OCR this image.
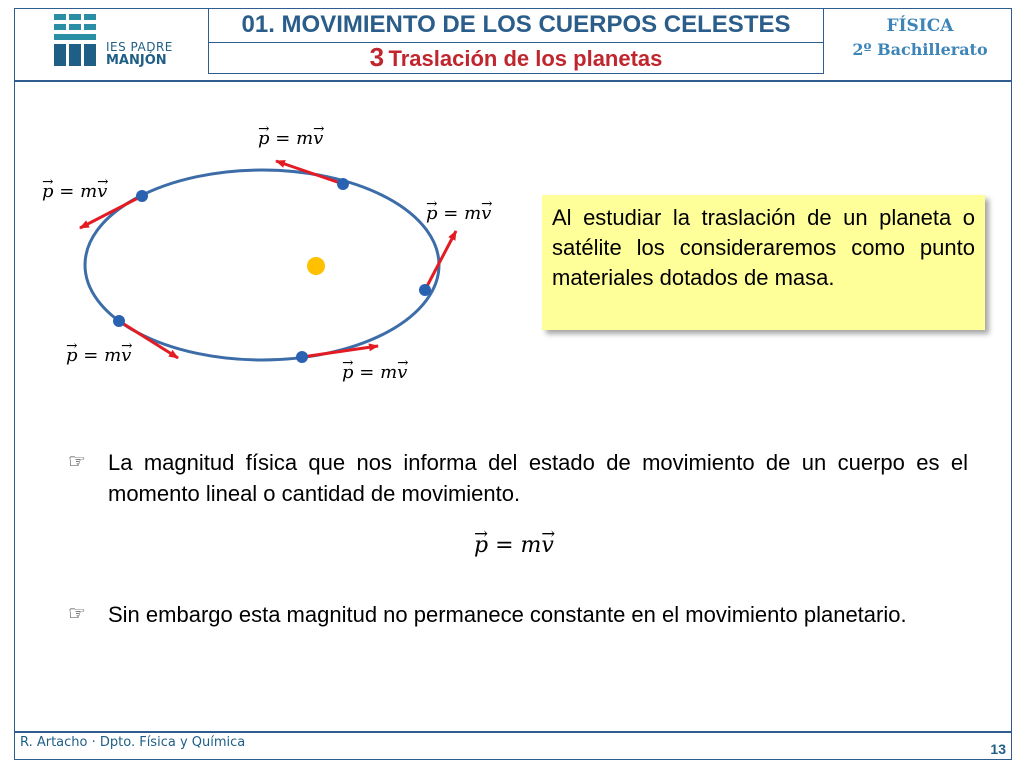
IES PADRE
MANJÓN
01. MOVIMIENTO DE LOS CUERPOS CELESTES
3 Traslación de los planetas
FÍSICA
2º Bachillerato
→ p = m→ v
→ p = m→ v
→ p = m→ v
→ p = m→ v
→ p = m→ v
Al estudiar la traslación de un planeta o satélite los consideraremos como punto materiales dotados de masa.
☞ La magnitud física que nos informa del estado de movimiento de un cuerpo es el momento lineal o cantidad de movimiento.
→ p = m→ v
☞ Sin embargo esta magnitud no permanece constante en el movimiento planetario.
R. Artacho · Dpto. Física y Química	13
